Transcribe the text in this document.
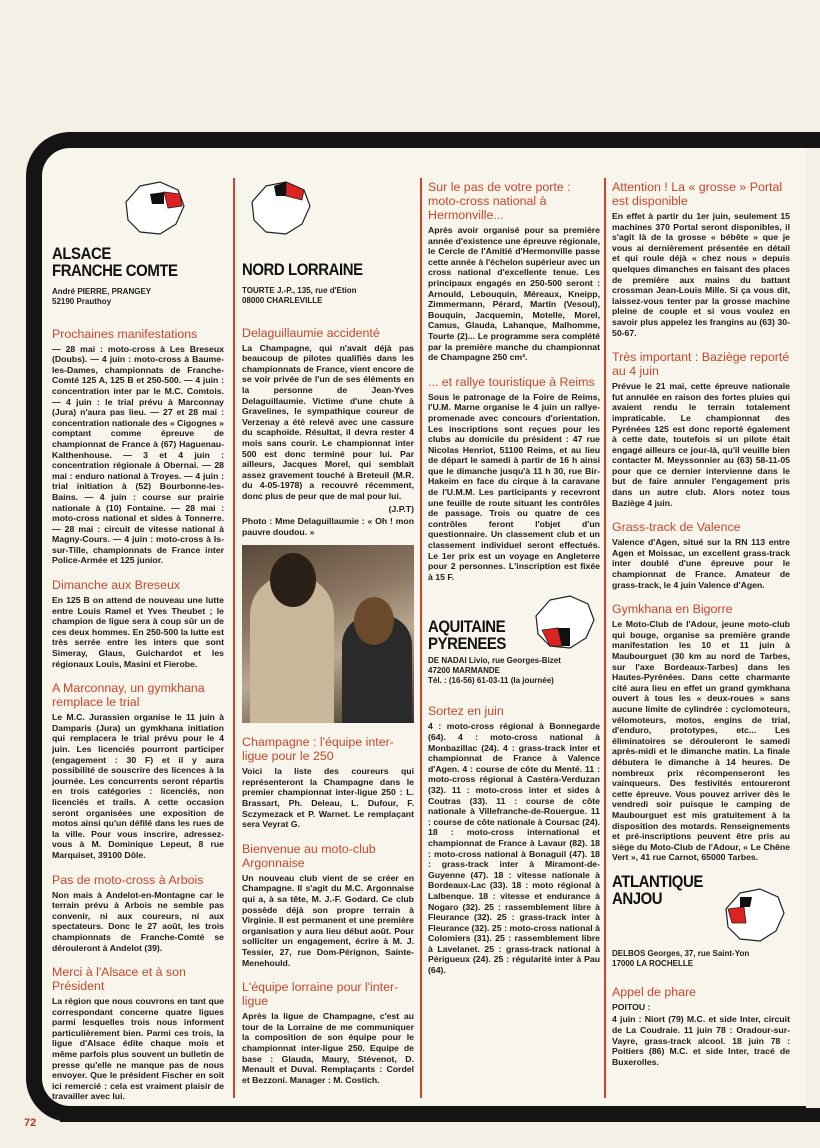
72
ALSACE
FRANCHE COMTE
André PIERRE, PRANGEY
52190 Prauthoy
Prochaines manifestations

— 28 mai : moto-cross à Les Breseux (Doubs). — 4 juin : moto-cross à Baume-les-Dames, championnats de Franche-Comté 125 A, 125 B et 250-500. — 4 juin : concentration inter par le M.C. Comtois. — 4 juin : le trial prévu à Marconnay (Jura) n'aura pas lieu. — 27 et 28 mai : concentration nationale des « Cigognes » comptant comme épreuve de championnat de France à (67) Haguenau-Kalthenhouse. — 3 et 4 juin : concentration régionale à Obernai. — 28 mai : enduro national à Troyes. — 4 juin : trial initiation à (52) Bourbonne-les-Bains. — 4 juin : course sur prairie nationale à (10) Fontaine. — 28 mai : moto-cross national et sides à Tonnerre. — 28 mai : circuit de vitesse national à Magny-Cours. — 4 juin : moto-cross à Is-sur-Tille, championnats de France inter Police-Armée et 125 junior.

Dimanche aux Breseux

En 125 B on attend de nouveau une lutte entre Louis Ramel et Yves Theubet ; le champion de ligue sera à coup sûr un de ces deux hommes. En 250-500 la lutte est très serrée entre les inters que sont Simeray, Glaus, Guichardot et les régionaux Louis, Masini et Fierobe.

A Marconnay, un gymkhana remplace le trial

Le M.C. Jurassien organise le 11 juin à Damparis (Jura) un gymkhana initiation qui remplacera le trial prévu pour le 4 juin. Les licenciés pourront participer (engagement : 30 F) et il y aura possibilité de souscrire des licences à la journée. Les concurrents seront répartis en trois catégories : licenciés, non licenciés et trails. A cette occasion seront organisées une exposition de motos ainsi qu'un défilé dans les rues de la ville. Pour vous inscrire, adressez-vous à M. Dominique Lepeut, 8 rue Marquiset, 39100 Dôle.

Pas de moto-cross à Arbois

Non mais à Andelot-en-Montagne car le terrain prévu à Arbois ne semble pas convenir, ni aux coureurs, ni aux spectateurs. Donc le 27 août, les trois championnats de Franche-Comté se dérouleront à Andelot (39).

Merci à l'Alsace et à son Président

La région que nous couvrons en tant que correspondant concerne quatre ligues parmi lesquelles trois nous informent particulièrement bien. Parmi ces trois, la ligue d'Alsace édite chaque mois et même parfois plus souvent un bulletin de presse qu'elle ne manque pas de nous envoyer. Que le président Fischer en soit ici remercié : cela est vraiment plaisir de travailler avec lui.

NORD LORRAINE
TOURTE J.-P., 135, rue d'Etion
08000 CHARLEVILLE
Delaguillaumie accidenté

La Champagne, qui n'avait déjà pas beaucoup de pilotes qualifiés dans les championnats de France, vient encore de se voir privée de l'un de ses éléments en la personne de Jean-Yves Delaguillaumie. Victime d'une chute à Gravelines, le sympathique coureur de Verzenay a été relevé avec une cassure du scaphoïde. Résultat, il devra rester 4 mois sans courir. Le championnat inter 500 est donc terminé pour lui. Par ailleurs, Jacques Morel, qui semblait assez gravement touché à Breteuil (M.R. du 4-05-1978) a recouvré récemment, donc plus de peur que de mal pour lui.

(J.P.T)

Photo : Mme Delaguillaumie : « Oh ! mon pauvre doudou. »

Champagne : l'équipe inter-ligue pour le 250

Voici la liste des coureurs qui représenteront la Champagne dans le premier championnat inter-ligue 250 : L. Brassart, Ph. Deleau, L. Dufour, F. Sczymezack et P. Warnet. Le remplaçant sera Veyrat G.

Bienvenue au moto-club Argonnaise

Un nouveau club vient de se créer en Champagne. Il s'agit du M.C. Argonnaise qui a, à sa tête, M. J.-F. Godard. Ce club possède déjà son propre terrain à Virginie. Il est permanent et une première organisation y aura lieu début août. Pour solliciter un engagement, écrire à M. J. Tessier, 27, rue Dom-Pérignon, Sainte-Menehould.

L'équipe lorraine pour l'inter-ligue

Après la ligue de Champagne, c'est au tour de la Lorraine de me communiquer la composition de son équipe pour le championnat inter-ligue 250. Equipe de base : Glauda, Maury, Stévenot, D. Menault et Duval. Remplaçants : Cordel et Bezzoni. Manager : M. Costich.

Sur le pas de votre porte : moto-cross national à Hermonville...

Après avoir organisé pour sa première année d'existence une épreuve régionale, le Cercle de l'Amitié d'Hermonville passe cette année à l'échelon supérieur avec un cross national d'excellente tenue. Les principaux engagés en 250-500 seront : Arnould, Lebouquin, Méreaux, Kneipp, Zimmermann, Pérard, Martin (Vesoul), Bouquin, Jacquemin, Motelle, Morel, Camus, Glauda, Lahanque, Malhomme, Tourte (2)... Le programme sera complété par la première manche du championnat de Champagne 250 cm³.

... et rallye touristique à Reims

Sous le patronage de la Foire de Reims, l'U.M. Marne organise le 4 juin un rallye-promenade avec concours d'orientation. Les inscriptions sont reçues pour les clubs au domicile du président : 47 rue Nicolas Henriot, 51100 Reims, et au lieu de départ le samedi à partir de 16 h ainsi que le dimanche jusqu'à 11 h 30, rue Bir-Hakeim en face du cirque à la caravane de l'U.M.M. Les participants y recevront une feuille de route situant les contrôles de passage. Trois ou quatre de ces contrôles feront l'objet d'un questionnaire. Un classement club et un classement individuel seront effectués. Le 1er prix est un voyage en Angleterre pour 2 personnes. L'inscription est fixée à 15 F.

AQUITAINE
PYRENEES
DE NADAI Livio, rue Georges-Bizet
47200 MARMANDE
Tél. : (16-56) 61-03-11 (la journée)
Sortez en juin

4 : moto-cross régional à Bonnegarde (64). 4 : moto-cross national à Monbazillac (24). 4 : grass-track inter et championnat de France à Valence d'Agen. 4 : course de côte du Menté. 11 : moto-cross régional à Castéra-Verduzan (32). 11 : moto-cross inter et sides à Coutras (33). 11 : course de côte nationale à Villefranche-de-Rouergue. 11 : course de côte nationale à Coursac (24). 18 : moto-cross international et championnat de France à Lavaur (82). 18 : moto-cross national à Bonaguil (47). 18 : grass-track inter à Miramont-de-Guyenne (47). 18 : vitesse nationale à Bordeaux-Lac (33). 18 : moto régional à Lalbenque. 18 : vitesse et endurance à Nogaro (32). 25 : rassemblement libre à Fleurance (32). 25 : grass-track inter à Fleurance (32). 25 : moto-cross national à Colomiers (31). 25 : rassemblement libre à Lavelanet. 25 : grass-track national à Périgueux (24). 25 : régularité inter à Pau (64).

Attention ! La « grosse » Portal est disponible

En effet à partir du 1er juin, seulement 15 machines 370 Portal seront disponibles, il s'agit là de la grosse « bébête » que je vous ai dernièrement présentée en détail et qui roule déjà « chez nous » depuis quelques dimanches en faisant des places de première aux mains du battant crossman Jean-Louis Mille. Si ça vous dit, laissez-vous tenter par la grosse machine pleine de couple et si vous voulez en savoir plus appelez les frangins au (63) 30-50-67.

Très important : Baziège reporté au 4 juin

Prévue le 21 mai, cette épreuve nationale fut annulée en raison des fortes pluies qui avaient rendu le terrain totalement impraticable. Le championnat des Pyrénées 125 est donc reporté également à cette date, toutefois si un pilote était engagé ailleurs ce jour-là, qu'il veuille bien contacter M. Meyssonnier au (63) 58-11-05 pour que ce dernier intervienne dans le but de faire annuler l'engagement pris dans un autre club. Alors notez tous Baziège 4 juin.

Grass-track de Valence

Valence d'Agen, situé sur la RN 113 entre Agen et Moissac, un excellent grass-track inter doublé d'une épreuve pour le championnat de France. Amateur de grass-track, le 4 juin Valence d'Agen.

Gymkhana en Bigorre

Le Moto-Club de l'Adour, jeune moto-club qui bouge, organise sa première grande manifestation les 10 et 11 juin à Maubourguet (30 km au nord de Tarbes, sur l'axe Bordeaux-Tarbes) dans les Hautes-Pyrénées. Dans cette charmante cité aura lieu en effet un grand gymkhana ouvert à tous les « deux-roues » sans aucune limite de cylindrée : cyclomoteurs, vélomoteurs, motos, engins de trial, d'enduro, prototypes, etc... Les éliminatoires se dérouleront le samedi après-midi et le dimanche matin. La finale débutera le dimanche à 14 heures. De nombreux prix récompenseront les vainqueurs. Des festivités entoureront cette épreuve. Vous pouvez arriver dès le vendredi soir puisque le camping de Maubourguet est mis gratuitement à la disposition des motards. Renseignements et pré-inscriptions peuvent être pris au siège du Moto-Club de l'Adour, « Le Chêne Vert », 41 rue Carnot, 65000 Tarbes.

ATLANTIQUE
ANJOU
DELBOS Georges, 37, rue Saint-Yon
17000 LA ROCHELLE
Appel de phare

POITOU :

4 juin : Niort (79) M.C. et side Inter, circuit de La Coudraie. 11 juin 78 : Oradour-sur-Vayre, grass-track alcool. 18 juin 78 : Poitiers (86) M.C. et side Inter, tracé de Buxerolles.
